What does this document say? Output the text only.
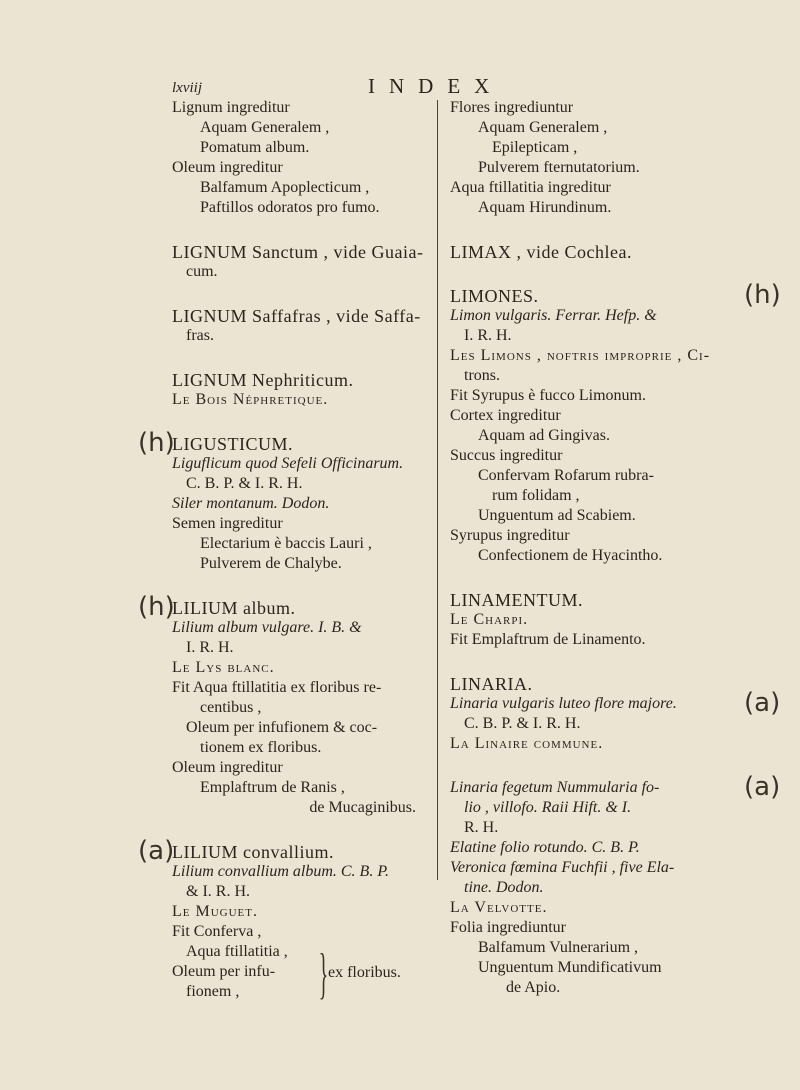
lxviij	INDEX
Lignum ingreditur
Aquam Generalem ,
Pomatum album.
Oleum ingreditur
Balfamum Apoplecticum ,
Paftillos odoratos pro fumo.
LIGNUM Sanctum , vide Guaia-
cum.
LIGNUM Saffafras , vide Saffa-
fras.
LIGNUM Nephriticum.
Le Bois Néphretique.
LIGUSTICUM.
Liguflicum quod Sefeli Officinarum.
C. B. P. & I. R. H.
Siler montanum. Dodon.
Semen ingreditur
Electarium è baccis Lauri ,
Pulverem de Chalybe.
LILIUM album.
Lilium album vulgare. I. B. &
I. R. H.
Le Lys blanc.
Fit Aqua ftillatitia ex floribus re-
centibus ,
Oleum per infufionem & coc-
tionem ex floribus.
Oleum ingreditur
Emplaftrum de Ranis ,
de Mucaginibus.
LILIUM convallium.
Lilium convallium album. C. B. P.
& I. R. H.
Le Muguet.
Fit Conferva ,
Aqua ftillatitia ,
Oleum per infu-
fionem ,	} ex floribus.
Flores ingrediuntur
Aquam Generalem ,
Epilepticam ,
Pulverem fternutatorium.
Aqua ftillatitia ingreditur
Aquam Hirundinum.
LIMAX , vide Cochlea.
LIMONES.
Limon vulgaris. Ferrar. Hefp. &
I. R. H.
Les Limons , noftris improprie , Ci-
trons.
Fit Syrupus è fucco Limonum.
Cortex ingreditur
Aquam ad Gingivas.
Succus ingreditur
Confervam Rofarum rubra-
rum folidam ,
Unguentum ad Scabiem.
Syrupus ingreditur
Confectionem de Hyacintho.
LINAMENTUM.
Le Charpi.
Fit Emplaftrum de Linamento.
LINARIA.
Linaria vulgaris luteo flore majore.
C. B. P. & I. R. H.
La Linaire commune.
Linaria fegetum Nummularia fo-
lio , villofo. Raii Hift. & I.
R. H.
Elatine folio rotundo. C. B. P.
Veronica fœmina Fuchfii , five Ela-
tine. Dodon.
La Velvotte.
Folia ingrediuntur
Balfamum Vulnerarium ,
Unguentum Mundificativum
de Apio.
(h)
(h)
(a)
(h)
(a)
(a)
